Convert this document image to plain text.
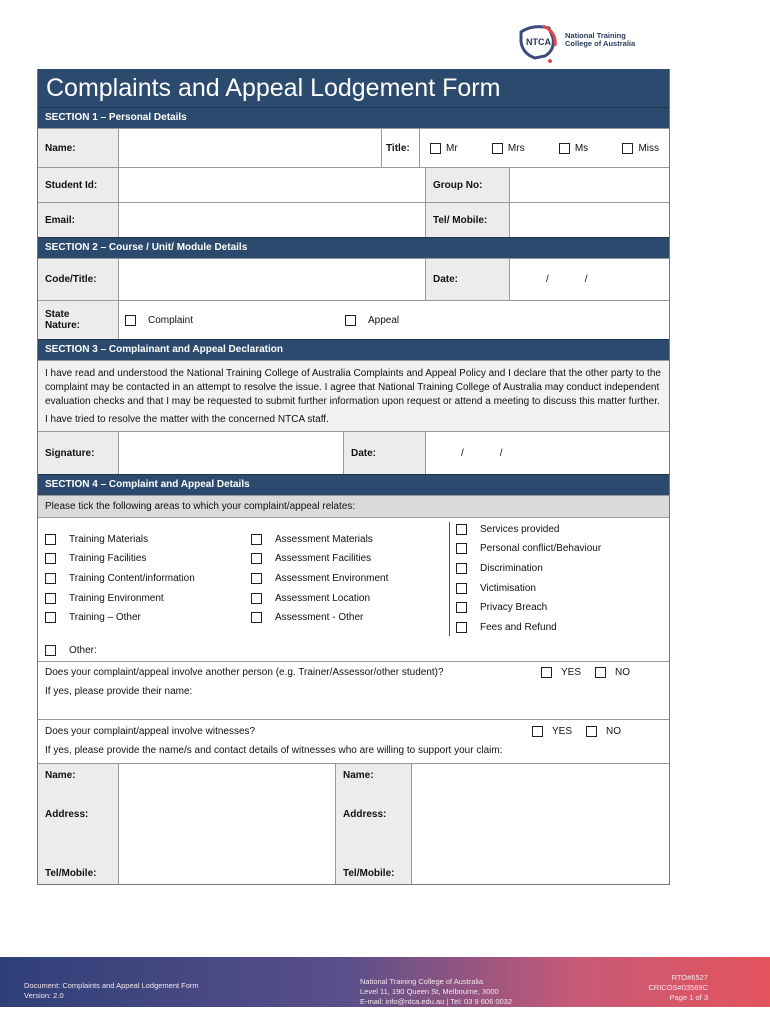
NTCA
National Training
College of Australia
Complaints and Appeal Lodgement Form
SECTION 1 – Personal Details
Name:	Title:	Mr	Mrs	Ms	Miss
Student Id:	Group No:
Email:	Tel/ Mobile:
SECTION 2 – Course / Unit/ Module Details
Code/Title:	Date:	/	/
State
Nature:	Complaint	Appeal
SECTION 3 – Complainant and Appeal Declaration
I have read and understood the National Training College of Australia Complaints and Appeal Policy and I declare that the other party to the complaint may be contacted in an attempt to resolve the issue. I agree that National Training College of Australia may conduct independent evaluation checks and that I may be requested to submit further information upon request or attend a meeting to discuss this matter further.
I have tried to resolve the matter with the concerned NTCA staff.
Signature:	Date:	/	/
SECTION 4 – Complaint and Appeal Details
Please tick the following areas to which your complaint/appeal relates:
Training Materials
Training Facilities
Training Content/information
Training Environment
Training – Other
Assessment Materials
Assessment Facilities
Assessment Environment
Assessment Location
Assessment - Other
Services provided
Personal conflict/Behaviour
Discrimination
Victimisation
Privacy Breach
Fees and Refund
Other:
Does your complaint/appeal involve another person (e.g. Trainer/Assessor/other student)?	YES	NO
If yes, please provide their name:
Does your complaint/appeal involve witnesses?	YES	NO
If yes, please provide the name/s and contact details of witnesses who are willing to support your claim:
Name:
Address:
Tel/Mobile:
Name:
Address:
Tel/Mobile:
Document: Complaints and Appeal Lodgement Form
Version: 2.0
National Training College of Australia
Level 11, 190 Queen St, Melbourne, 3000
E-mail: info@ntca.edu.au | Tel: 03 9 606 0032
RTO#6527
CRICOS#03569C
Page 1 of 3
